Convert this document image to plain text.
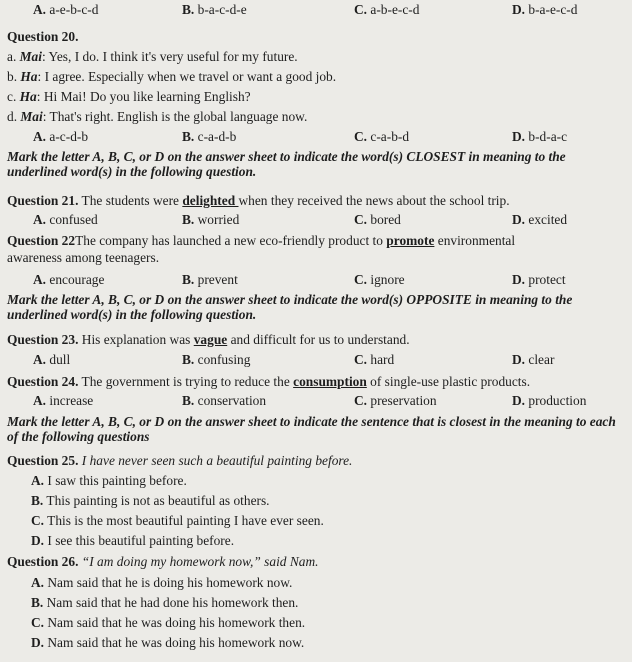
A. a-e-b-c-d	B. b-a-c-d-e	C. a-b-e-c-d	D. b-a-e-c-d
Question 20.
a. Mai: Yes, I do. I think it's very useful for my future.
b. Ha: I agree. Especially when we travel or want a good job.
c. Ha: Hi Mai! Do you like learning English?
d. Mai: That's right. English is the global language now.
A. a-c-d-b	B. c-a-d-b	C. c-a-b-d	D. b-d-a-c
Mark the letter A, B, C, or D on the answer sheet to indicate the word(s) CLOSEST in meaning to the underlined word(s) in the following question.
Question 21. The students were delighted when they received the news about the school trip.
A. confused	B. worried	C. bored	D. excited
Question 22The company has launched a new eco-friendly product to promote environmental
awareness among teenagers.
A. encourage	B. prevent	C. ignore	D. protect
Mark the letter A, B, C, or D on the answer sheet to indicate the word(s) OPPOSITE in meaning to the underlined word(s) in the following question.
Question 23. His explanation was vague and difficult for us to understand.
A. dull	B. confusing	C. hard	D. clear
Question 24. The government is trying to reduce the consumption of single-use plastic products.
A. increase	B. conservation	C. preservation	D. production
Mark the letter A, B, C, or D on the answer sheet to indicate the sentence that is closest in the meaning to each of the following questions
Question 25. I have never seen such a beautiful painting before.
A. I saw this painting before.
B. This painting is not as beautiful as others.
C. This is the most beautiful painting I have ever seen.
D. I see this beautiful painting before.
Question 26. “I am doing my homework now,” said Nam.
A. Nam said that he is doing his homework now.
B. Nam said that he had done his homework then.
C. Nam said that he was doing his homework then.
D. Nam said that he was doing his homework now.
